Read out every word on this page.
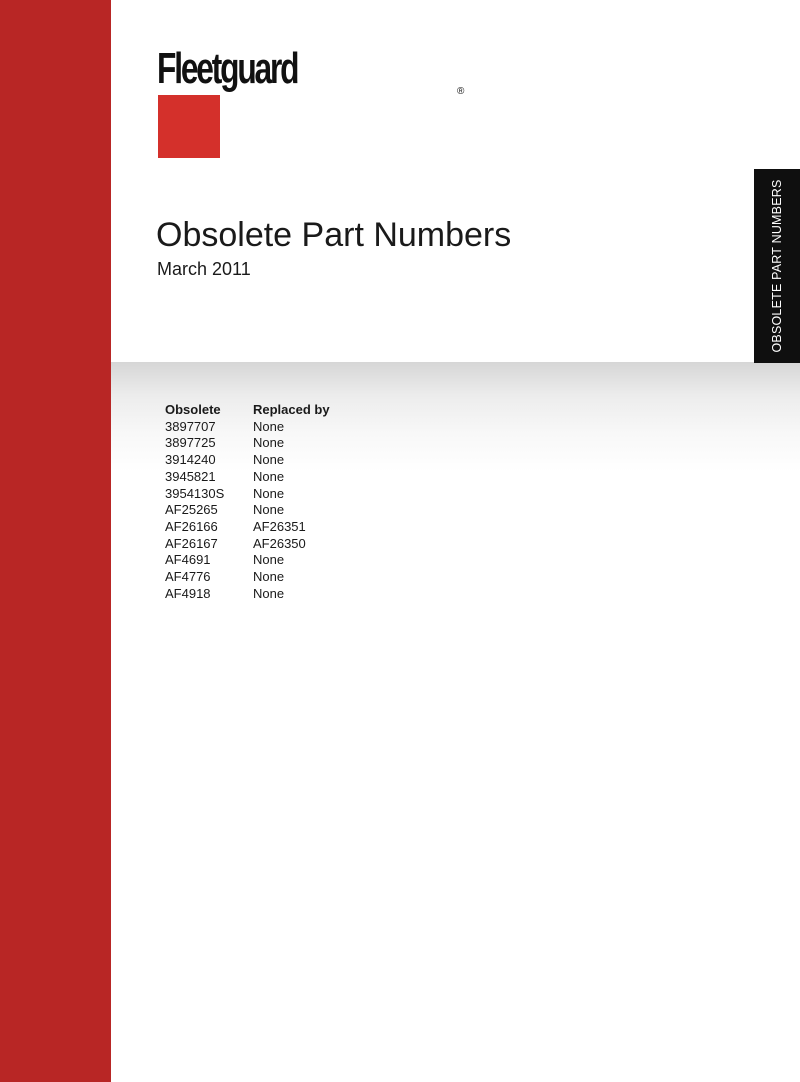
Fleetguard	®
Obsolete Part Numbers

March 2011	OBSOLETE PART NUMBERS
Obsolete	Replaced by
3897707	None
3897725	None
3914240	None
3945821	None
3954130S	None
AF25265	None
AF26166	AF26351
AF26167	AF26350
AF4691	None
AF4776	None
AF4918	None
